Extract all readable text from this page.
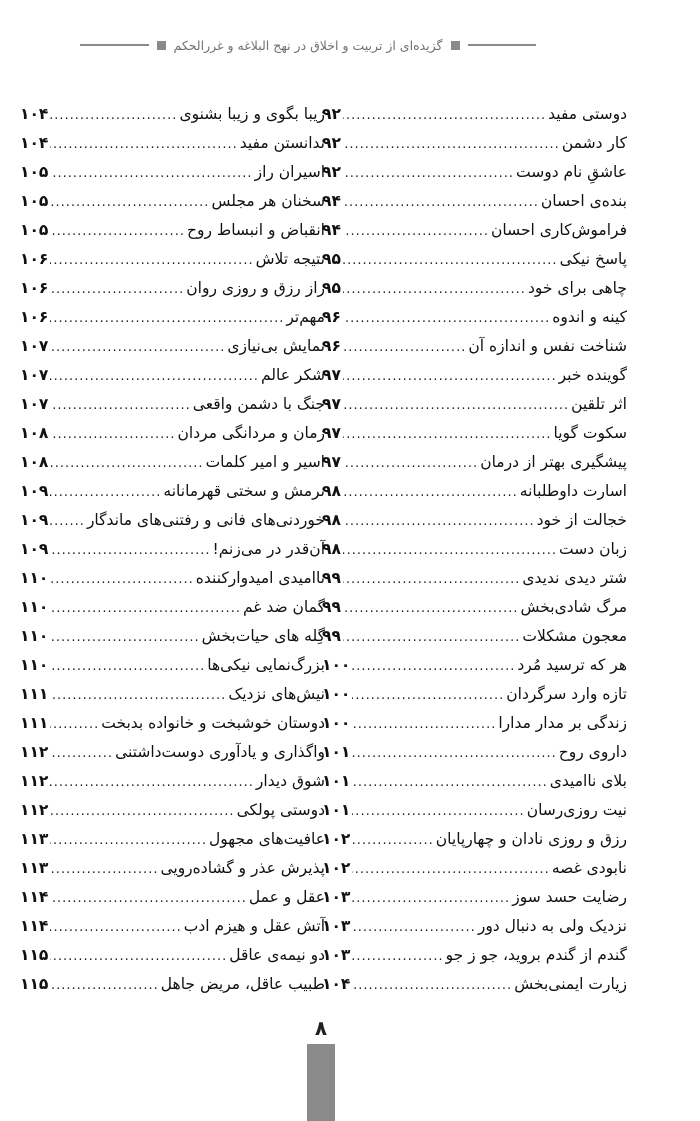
گزیده‌ای از تربیت و اخلاق در نهج البلاغه و غررالحکم
دوستی مفید
.....
۹۲
کار دشمن
.....
۹۲
عاشقِ نام دوست
.....
۹۲
بنده‌ی احسان
.....
۹۴
فراموش‌کاری احسان
.....
۹۴
پاسخ نیکی
.....
۹۵
چاهی برای خود
.....
۹۵
کینه و اندوه
.....
۹۶
شناخت نفس و اندازه آن
.....
۹۶
گوینده خبر
.....
۹۷
اثر تلقین
.....
۹۷
سکوت گویا
.....
۹۷
پیشگیری بهتر از درمان
.....
۹۷
اسارت داوطلبانه
.....
۹۸
خجالت از خود
.....
۹۸
زبان دست
.....
۹۸
شتر دیدی ندیدی
.....
۹۹
مرگ شادی‌بخش
.....
۹۹
معجون مشکلات
.....
۹۹
هر که ترسید مُرد
.....
۱۰۰
تازه وارد سرگردان
.....
۱۰۰
زندگی بر مدار مدارا
.....
۱۰۰
داروی روح
.....
۱۰۱
بلای ناامیدی
.....
۱۰۱
نیت روزی‌رسان
.....
۱۰۱
رزق و روزی نادان و چهارپایان
.....
۱۰۲
نابودی غصه
.....
۱۰۲
رضایت حسد سوز
.....
۱۰۳
نزدیک ولی به دنبال دور
.....
۱۰۳
گندم از گندم بروید، جو ز جو
.....
۱۰۳
زیارت ایمنی‌بخش
.....
۱۰۴
زیبا بگوی و زیبا بشنوی
.....
۱۰۴
ندانستن مفید
.....
۱۰۴
اسیران راز
.....
۱۰۵
سخنان هر مجلس
.....
۱۰۵
انقباض و انبساط روح
.....
۱۰۵
نتیجه تلاش
.....
۱۰۶
راز رزق و روزی روان
.....
۱۰۶
مهم‌تر
.....
۱۰۶
نمایش بی‌نیازی
.....
۱۰۷
شکر عالم
.....
۱۰۷
جنگ با دشمن واقعی
.....
۱۰۷
زمان و مردانگی مردان
.....
۱۰۸
اسیر و امیر کلمات
.....
۱۰۸
نرمش و سختی قهرمانانه
.....
۱۰۹
خوردنی‌های فانی و رفتنی‌های ماندگار
.....
۱۰۹
آن‌قدر در می‌زنم!
.....
۱۰۹
ناامیدی امیدوارکننده
.....
۱۱۰
گمان ضد غم
.....
۱۱۰
گِله های حیات‌بخش
.....
۱۱۰
بزرگ‌نمایی نیکی‌ها
.....
۱۱۰
نیش‌های نزدیک
.....
۱۱۱
دوستان خوشبخت و خانواده بدبخت
.....
۱۱۱
واگذاری و یادآوری دوست‌داشتنی
.....
۱۱۲
شوق دیدار
.....
۱۱۲
دوستی پولکی
.....
۱۱۲
عافیت‌های مجهول
.....
۱۱۳
پذیرش عذر و گشاده‌رویی
.....
۱۱۳
عقل و عمل
.....
۱۱۴
آتش عقل و هیزم ادب
.....
۱۱۴
دو نیمه‌ی عاقل
.....
۱۱۵
طبیب عاقل، مریض جاهل
.....
۱۱۵
۸
